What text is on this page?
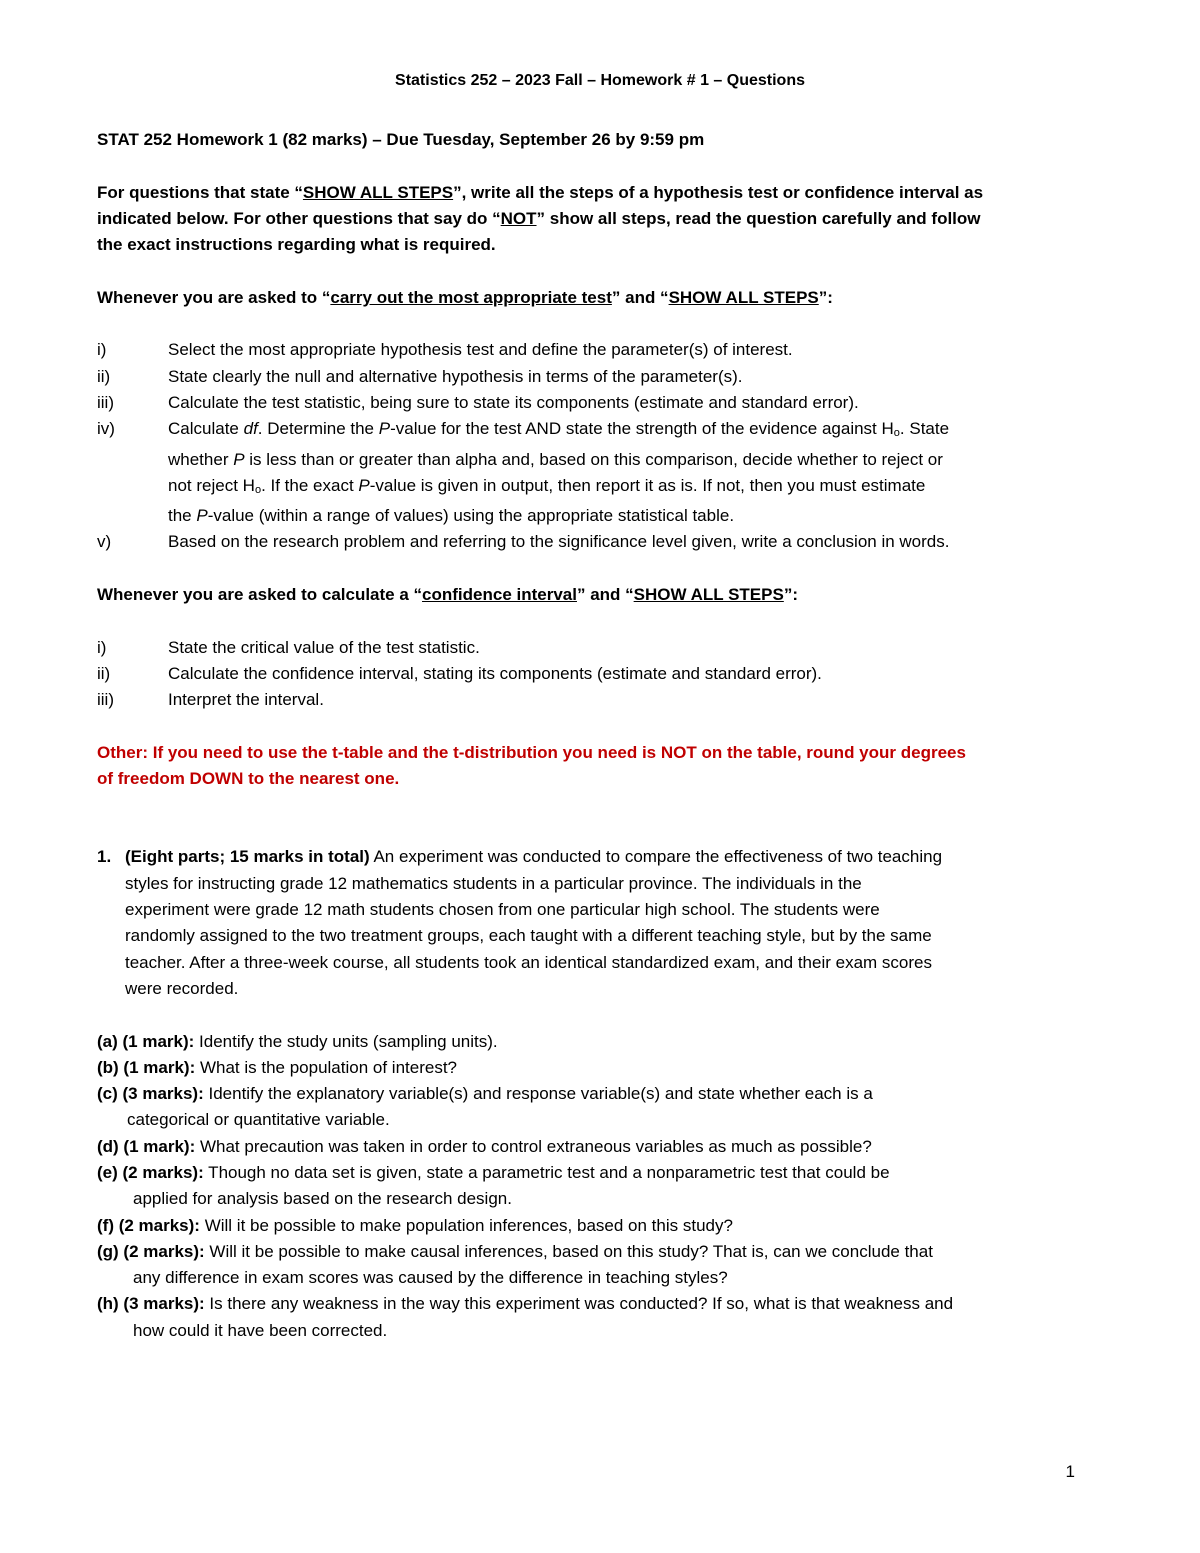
Statistics 252 – 2023 Fall – Homework # 1 – Questions
STAT 252 Homework 1 (82 marks) – Due Tuesday, September 26 by 9:59 pm
For questions that state “SHOW ALL STEPS”, write all the steps of a hypothesis test or confidence interval as
indicated below. For other questions that say do “NOT” show all steps, read the question carefully and follow
the exact instructions regarding what is required.
Whenever you are asked to “carry out the most appropriate test” and “SHOW ALL STEPS”:
i)	Select the most appropriate hypothesis test and define the parameter(s) of interest.
ii)	State clearly the null and alternative hypothesis in terms of the parameter(s).
iii)	Calculate the test statistic, being sure to state its components (estimate and standard error).
iv)	Calculate df. Determine the P-value for the test AND state the strength of the evidence against $H_o$. State
whether P is less than or greater than alpha and, based on this comparison, decide whether to reject or
not reject $H_o$. If the exact P-value is given in output, then report it as is. If not, then you must estimate
the P-value (within a range of values) using the appropriate statistical table.
v)	Based on the research problem and referring to the significance level given, write a conclusion in words.
Whenever you are asked to calculate a “confidence interval” and “SHOW ALL STEPS”:
i)	State the critical value of the test statistic.
ii)	Calculate the confidence interval, stating its components (estimate and standard error).
iii)	Interpret the interval.
Other: If you need to use the t-table and the t-distribution you need is NOT on the table, round your degrees
of freedom DOWN to the nearest one.
1. (Eight parts; 15 marks in total) An experiment was conducted to compare the effectiveness of two teaching
styles for instructing grade 12 mathematics students in a particular province. The individuals in the
experiment were grade 12 math students chosen from one particular high school. The students were
randomly assigned to the two treatment groups, each taught with a different teaching style, but by the same
teacher. After a three-week course, all students took an identical standardized exam, and their exam scores
were recorded.
(a) (1 mark): Identify the study units (sampling units).
(b) (1 mark): What is the population of interest?
(c) (3 marks): Identify the explanatory variable(s) and response variable(s) and state whether each is a
categorical or quantitative variable.
(d) (1 mark): What precaution was taken in order to control extraneous variables as much as possible?
(e) (2 marks): Though no data set is given, state a parametric test and a nonparametric test that could be
applied for analysis based on the research design.
(f) (2 marks): Will it be possible to make population inferences, based on this study?
(g) (2 marks): Will it be possible to make causal inferences, based on this study? That is, can we conclude that
any difference in exam scores was caused by the difference in teaching styles?
(h) (3 marks): Is there any weakness in the way this experiment was conducted? If so, what is that weakness and
how could it have been corrected.
1
